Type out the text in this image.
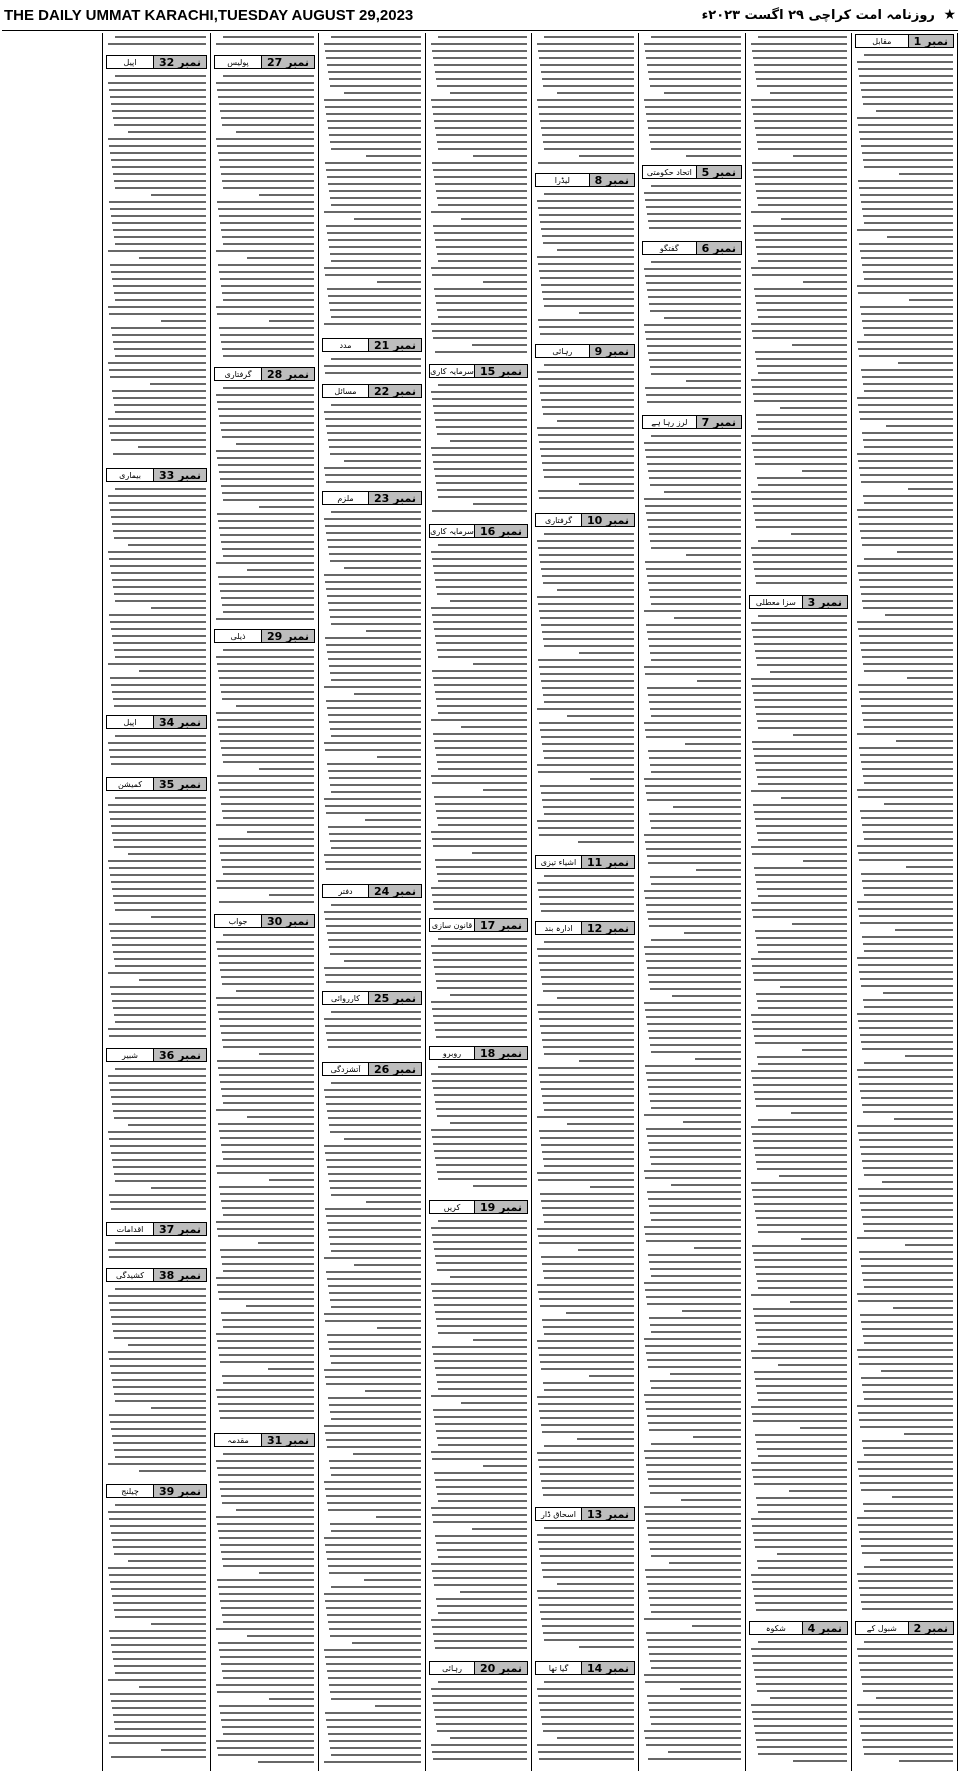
THE DAILY UMMAT KARACHI,TUESDAY AUGUST 29,2023	★ روزنامہ امت کراچی ۲۹ اگست ۲۰۲۳ء
نمبر 1
مقابل
نمبر 2
شبول کے
نمبر 3
سزا معطلی
نمبر 4
شکوہ
نمبر 5
اتحاد حکومتی
نمبر 6
گفتگو
نمبر 7
لرز رہا ہے
نمبر 8
لیڈرا
نمبر 9
رہائی
نمبر 10
گرفتاری
نمبر 11
اشیاء تیزی
نمبر 12
ادارہ بند
نمبر 13
اسحاق ڈار
نمبر 14
گیا تھا
نمبر 15
سرمایہ کاری
نمبر 16
سرمایہ کاری
نمبر 17
قانون سازی
نمبر 18
روبرو
نمبر 19
کریں
نمبر 20
رہائی
نمبر 21
مدد
نمبر 22
مسائل
نمبر 23
ملزم
نمبر 24
دفتر
نمبر 25
کارروائی
نمبر 26
آتشزدگی
نمبر 27
پولیس
نمبر 28
گرفتاری
نمبر 29
ذیلی
نمبر 30
جواب
نمبر 31
مقدمہ
نمبر 32
اپیل
نمبر 33
بیماری
نمبر 34
اپیل
نمبر 35
کمیشن
نمبر 36
شبیر
نمبر 37
اقدامات
نمبر 38
کشیدگی
نمبر 39
چیلنج
